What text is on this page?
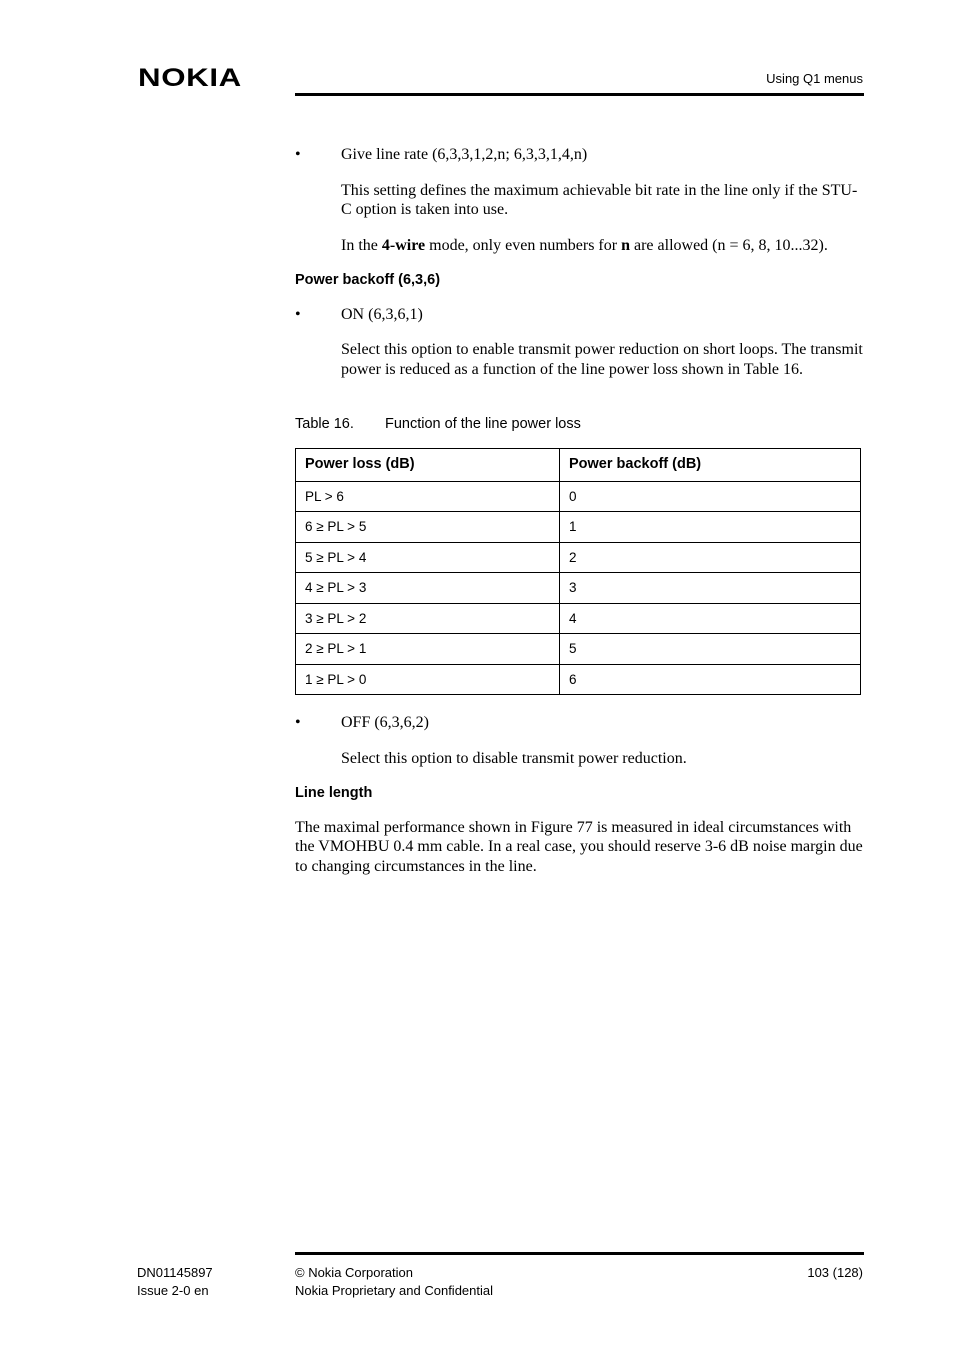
NOKIA	Using Q1 menus
•	Give line rate (6,3,3,1,2,n; 6,3,3,1,4,n)

This setting defines the maximum achievable bit rate in the line only if the STU-C option is taken into use.

In the 4-wire mode, only even numbers for n are allowed (n = 6, 8, 10...32).

Power backoff (6,3,6)
•	ON (6,3,6,1)

Select this option to enable transmit power reduction on short loops. The transmit power is reduced as a function of the line power loss shown in Table 16.

Table 16. Function of the line power loss
Power loss (dB)	Power backoff (dB)
PL > 6	0
6 ≥ PL > 5	1
5 ≥ PL > 4	2
4 ≥ PL > 3	3
3 ≥ PL > 2	4
2 ≥ PL > 1	5
1 ≥ PL > 0	6
•	OFF (6,3,6,2)

Select this option to disable transmit power reduction.

Line length

The maximal performance shown in Figure 77 is measured in ideal circumstances with the VMOHBU 0.4 mm cable. In a real case, you should reserve 3-6 dB noise margin due to changing circumstances in the line.

DN01145897
Issue 2-0 en
© Nokia Corporation
Nokia Proprietary and Confidential
103 (128)
